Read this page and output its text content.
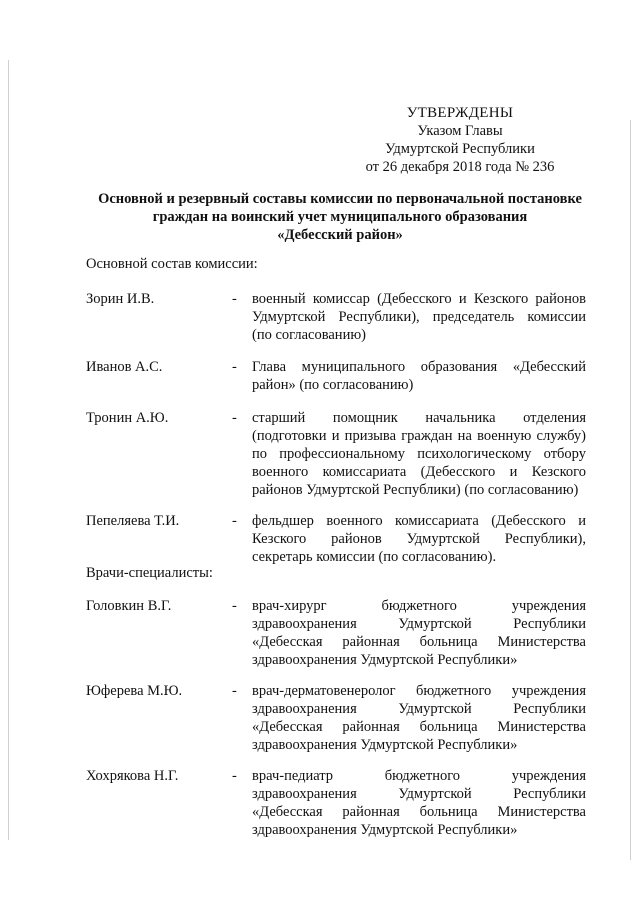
УТВЕРЖДЕНЫ
Указом Главы
Удмуртской Республики
от 26 декабря 2018 года № 236
Основной и резервный составы комиссии по первоначальной постановке
граждан на воинский учет муниципального образования
«Дебесский район»
Основной состав комиссии:
Зорин И.В.	-	военный комиссар (Дебесского и Кезского районов
Удмуртской Республики), председатель комиссии
(по согласованию)
Иванов А.С.	-	Глава муниципального образования «Дебесский
район» (по согласованию)
Тронин А.Ю.	-	старший помощник начальника отделения
(подготовки и призыва граждан на военную службу)
по профессиональному психологическому отбору
военного комиссариата (Дебесского и Кезского
районов Удмуртской Республики) (по согласованию)
Пепеляева Т.И.	-	фельдшер военного комиссариата (Дебесского и
Кезского районов Удмуртской Республики),
секретарь комиссии (по согласованию).
Врачи-специалисты:
Головкин В.Г.	-	врач-хирург бюджетного учреждения
здравоохранения Удмуртской Республики
«Дебесская районная больница Министерства
здравоохранения Удмуртской Республики»
Юферева М.Ю.	-	врач-дерматовенеролог бюджетного учреждения
здравоохранения Удмуртской Республики
«Дебесская районная больница Министерства
здравоохранения Удмуртской Республики»
Хохрякова Н.Г.	-	врач-педиатр бюджетного учреждения
здравоохранения Удмуртской Республики
«Дебесская районная больница Министерства
здравоохранения Удмуртской Республики»
